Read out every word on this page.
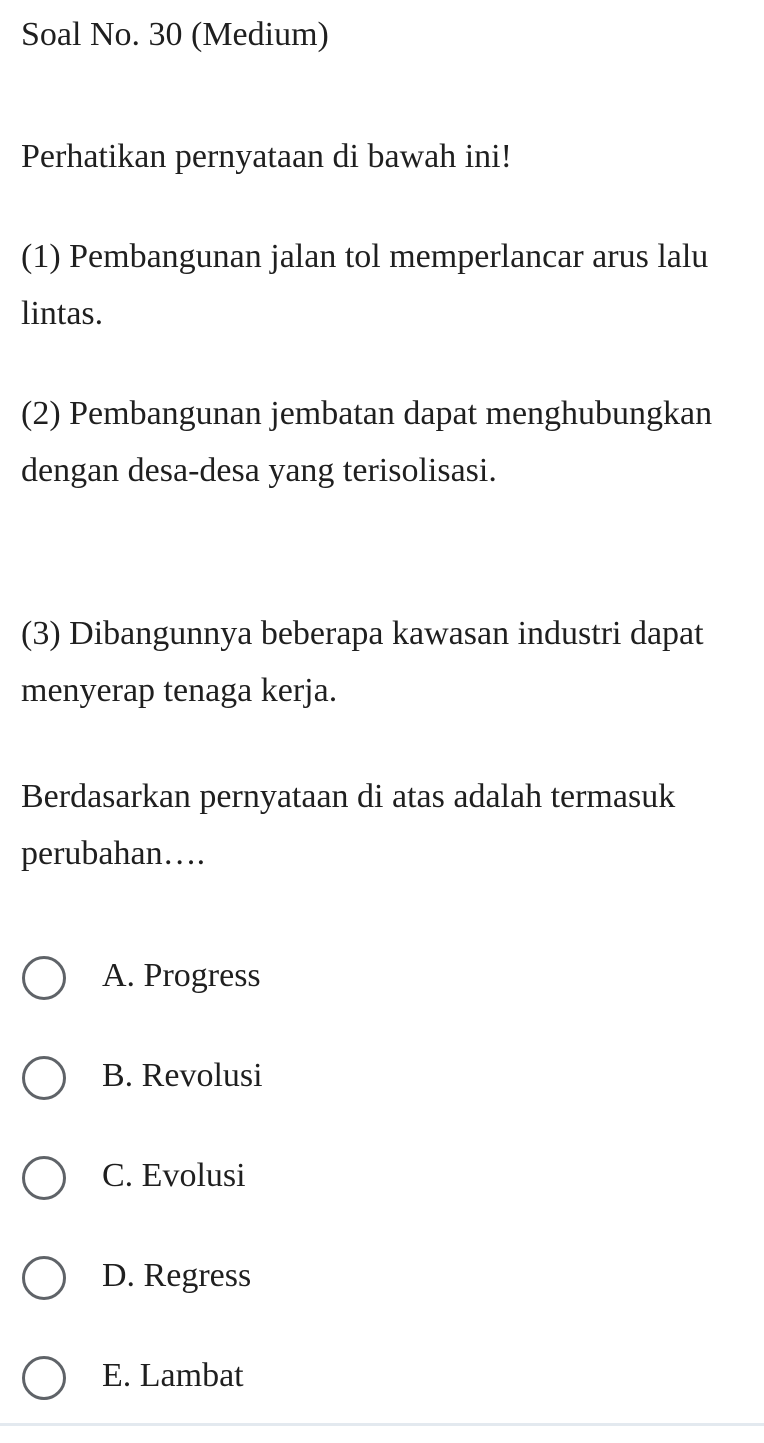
Soal No. 30 (Medium)

Perhatikan pernyataan di bawah ini!

(1) Pembangunan jalan tol memperlancar arus lalu lintas.

(2) Pembangunan jembatan dapat menghubungkan dengan desa-desa yang terisolisasi.

(3) Dibangunnya beberapa kawasan industri dapat menyerap tenaga kerja.

Berdasarkan pernyataan di atas adalah termasuk perubahan….

A. Progress
B. Revolusi
C. Evolusi
D. Regress
E. Lambat
